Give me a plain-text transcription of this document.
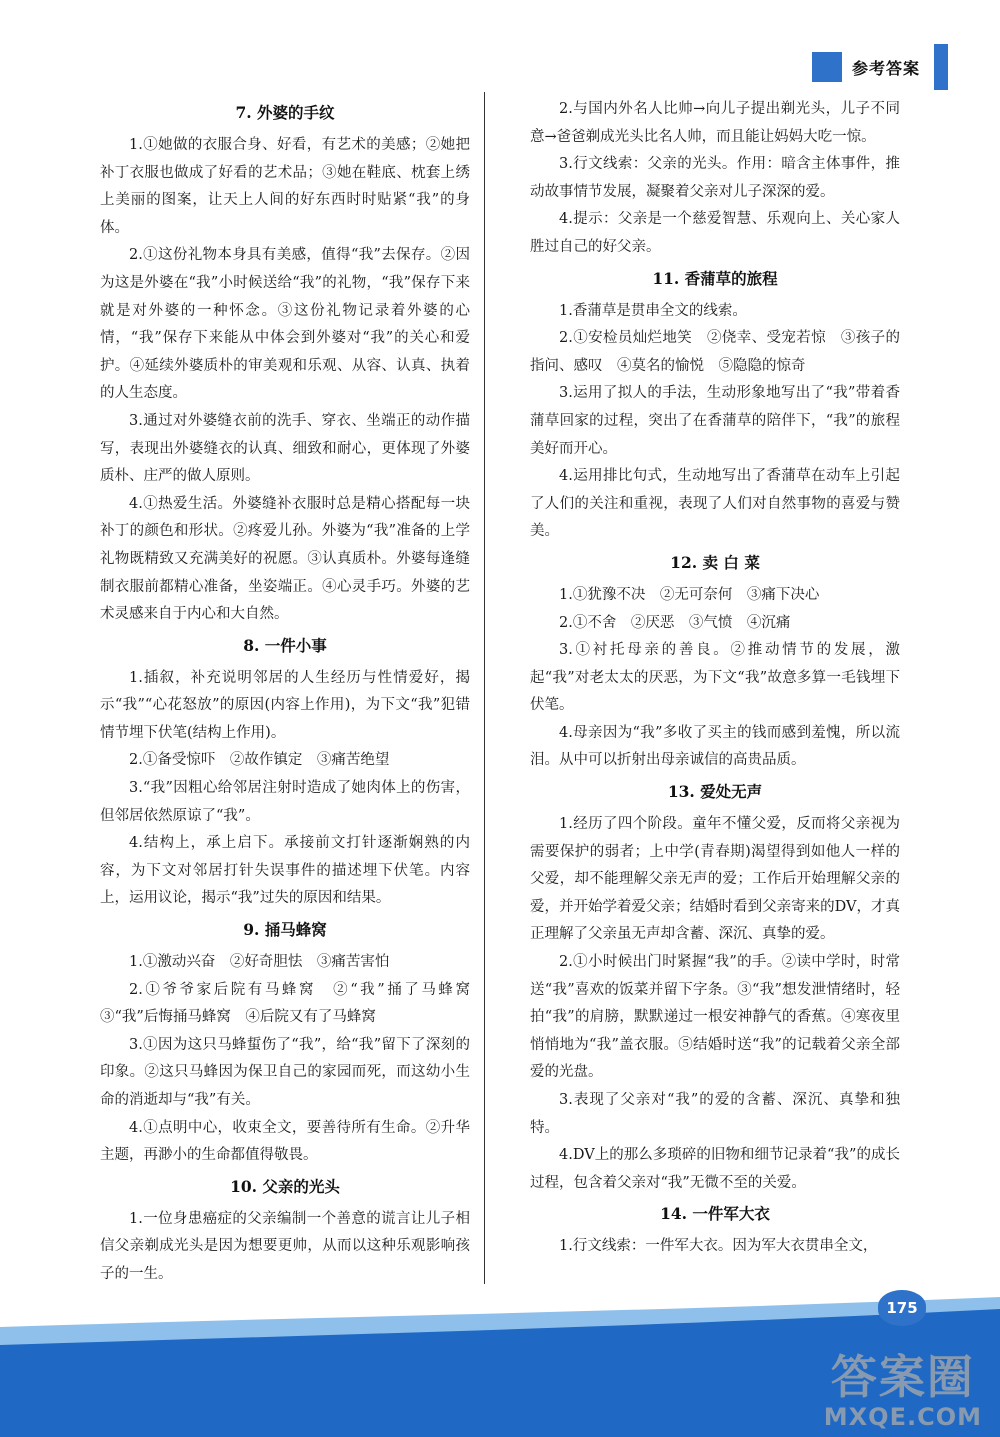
参考答案
7. 外婆的手纹

1.①她做的衣服合身、好看，有艺术的美感；②她把补丁衣服也做成了好看的艺术品；③她在鞋底、枕套上绣上美丽的图案，让天上人间的好东西时时贴紧“我”的身体。

2.①这份礼物本身具有美感，值得“我”去保存。②因为这是外婆在“我”小时候送给“我”的礼物，“我”保存下来就是对外婆的一种怀念。③这份礼物记录着外婆的心情，“我”保存下来能从中体会到外婆对“我”的关心和爱护。④延续外婆质朴的审美观和乐观、从容、认真、执着的人生态度。

3.通过对外婆缝衣前的洗手、穿衣、坐端正的动作描写，表现出外婆缝衣的认真、细致和耐心，更体现了外婆质朴、庄严的做人原则。

4.①热爱生活。外婆缝补衣服时总是精心搭配每一块补丁的颜色和形状。②疼爱儿孙。外婆为“我”准备的上学礼物既精致又充满美好的祝愿。③认真质朴。外婆每逢缝制衣服前都精心准备，坐姿端正。④心灵手巧。外婆的艺术灵感来自于内心和大自然。

8. 一件小事

1.插叙，补充说明邻居的人生经历与性情爱好，揭示“我”“心花怒放”的原因(内容上作用)，为下文“我”犯错情节埋下伏笔(结构上作用)。

2.①备受惊吓　②故作镇定　③痛苦绝望

3.“我”因粗心给邻居注射时造成了她肉体上的伤害，但邻居依然原谅了“我”。

4.结构上，承上启下。承接前文打针逐渐娴熟的内容，为下文对邻居打针失误事件的描述埋下伏笔。内容上，运用议论，揭示“我”过失的原因和结果。

9. 捅马蜂窝

1.①激动兴奋　②好奇胆怯　③痛苦害怕

2.①爷爷家后院有马蜂窝　②“我”捅了马蜂窝　③“我”后悔捅马蜂窝　④后院又有了马蜂窝

3.①因为这只马蜂蜇伤了“我”，给“我”留下了深刻的印象。②这只马蜂因为保卫自己的家园而死，而这幼小生命的消逝却与“我”有关。

4.①点明中心，收束全文，要善待所有生命。②升华主题，再渺小的生命都值得敬畏。

10. 父亲的光头

1.一位身患癌症的父亲编制一个善意的谎言让儿子相信父亲剃成光头是因为想要更帅，从而以这种乐观影响孩子的一生。

2.与国内外名人比帅→向儿子提出剃光头，儿子不同意→爸爸剃成光头比名人帅，而且能让妈妈大吃一惊。

3.行文线索：父亲的光头。作用：暗含主体事件，推动故事情节发展，凝聚着父亲对儿子深深的爱。

4.提示：父亲是一个慈爱智慧、乐观向上、关心家人胜过自己的好父亲。

11. 香蒲草的旅程

1.香蒲草是贯串全文的线索。

2.①安检员灿烂地笑　②侥幸、受宠若惊　③孩子的指问、感叹　④莫名的愉悦　⑤隐隐的惊奇

3.运用了拟人的手法，生动形象地写出了“我”带着香蒲草回家的过程，突出了在香蒲草的陪伴下，“我”的旅程美好而开心。

4.运用排比句式，生动地写出了香蒲草在动车上引起了人们的关注和重视，表现了人们对自然事物的喜爱与赞美。

12. 卖 白 菜

1.①犹豫不决　②无可奈何　③痛下决心

2.①不舍　②厌恶　③气愤　④沉痛

3.①衬托母亲的善良。②推动情节的发展，激起“我”对老太太的厌恶，为下文“我”故意多算一毛钱埋下伏笔。

4.母亲因为“我”多收了买主的钱而感到羞愧，所以流泪。从中可以折射出母亲诚信的高贵品质。

13. 爱处无声

1.经历了四个阶段。童年不懂父爱，反而将父亲视为需要保护的弱者；上中学(青春期)渴望得到如他人一样的父爱，却不能理解父亲无声的爱；工作后开始理解父亲的爱，并开始学着爱父亲；结婚时看到父亲寄来的DV，才真正理解了父亲虽无声却含蓄、深沉、真挚的爱。

2.①小时候出门时紧握“我”的手。②读中学时，时常送“我”喜欢的饭菜并留下字条。③“我”想发泄情绪时，轻拍“我”的肩膀，默默递过一根安神静气的香蕉。④寒夜里悄悄地为“我”盖衣服。⑤结婚时送“我”的记载着父亲全部爱的光盘。

3.表现了父亲对“我”的爱的含蓄、深沉、真挚和独特。

4.DV上的那么多琐碎的旧物和细节记录着“我”的成长过程，包含着父亲对“我”无微不至的关爱。

14. 一件军大衣

1.行文线索：一件军大衣。因为军大衣贯串全文，

175
答案圈
MXQE.COM
